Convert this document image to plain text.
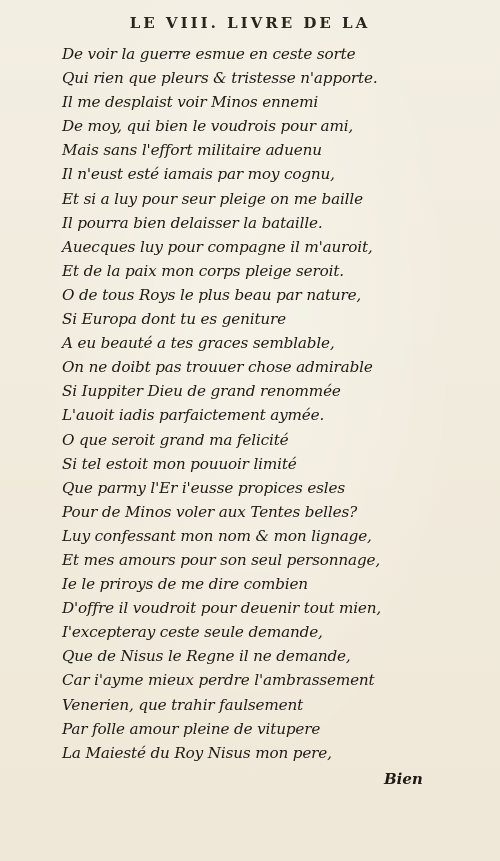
LE VIII. LIVRE DE LA
De voir la guerre esmue en ceste sorte
Qui rien que pleurs & tristesse n'apporte.
Il me desplaist voir Minos ennemi
De moy, qui bien le voudrois pour ami,
Mais sans l'effort militaire aduenu
Il n'eust esté iamais par moy cognu,
Et si a luy pour seur pleige on me baille
Il pourra bien delaisser la bataille.
Auecques luy pour compagne il m'auroit,
Et de la paix mon corps pleige seroit.
O de tous Roys le plus beau par nature,
Si Europa dont tu es geniture
A eu beauté a tes graces semblable,
On ne doibt pas trouuer chose admirable
Si Iuppiter Dieu de grand renommée
L'auoit iadis parfaictement aymée.
O que seroit grand ma felicité
Si tel estoit mon pouuoir limité
Que parmy l'Er i'eusse propices esles
Pour de Minos voler aux Tentes belles?
Luy confessant mon nom & mon lignage,
Et mes amours pour son seul personnage,
Ie le priroys de me dire combien
D'offre il voudroit pour deuenir tout mien,
I'excepteray ceste seule demande,
Que de Nisus le Regne il ne demande,
Car i'ayme mieux perdre l'ambrassement
Venerien, que trahir faulsement
Par folle amour pleine de vitupere
La Maiesté du Roy Nisus mon pere,
Bien
